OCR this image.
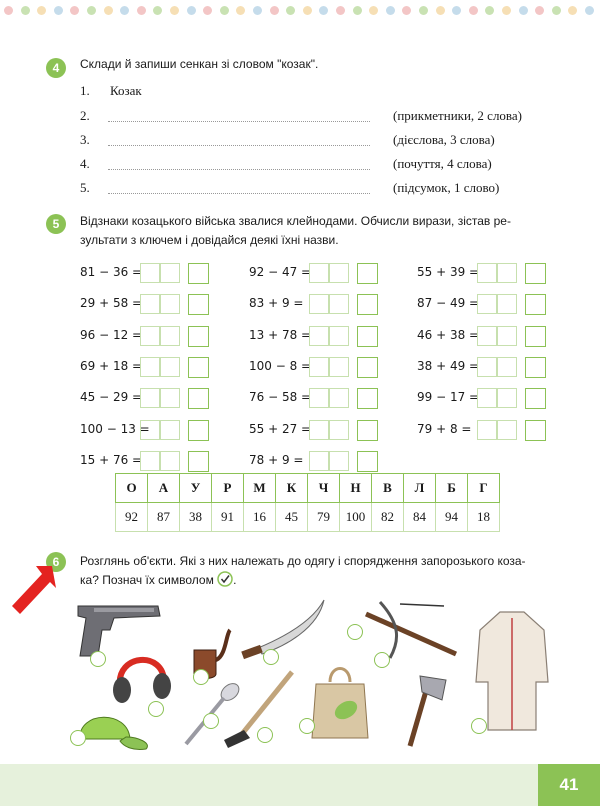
4	Склади й запиши сенкан зі словом "козак".
1. Козак
2.	(прикметники, 2 слова)
3.	(дієслова, 3 слова)
4.	(почуття, 4 слова)
5.	(підсумок, 1 слово)
5	Відзнаки козацького війська звалися клейнодами. Обчисли вирази, зістав ре-
зультати з ключем і довідайся деякі їхні назви.
81 − 36 =
29 + 58 =
96 − 12 =
69 + 18 =
45 − 29 =
100 − 13 =
15 + 76 =
92 − 47 =
83 + 9 =
13 + 78 =
100 − 8 =
76 − 58 =
55 + 27 =
78 + 9 =
55 + 39 =
87 − 49 =
46 + 38 =
38 + 49 =
99 − 17 =
79 + 8 =
О	А	У	Р	М	К	Ч	Н	В	Л	Б	Г
92	87	38	91	16	45	79	100	82	84	94	18
6	Розглянь об'єкти. Які з них належать до одягу і спорядження запорозького коза-
ка? Познач їх символом .
41
